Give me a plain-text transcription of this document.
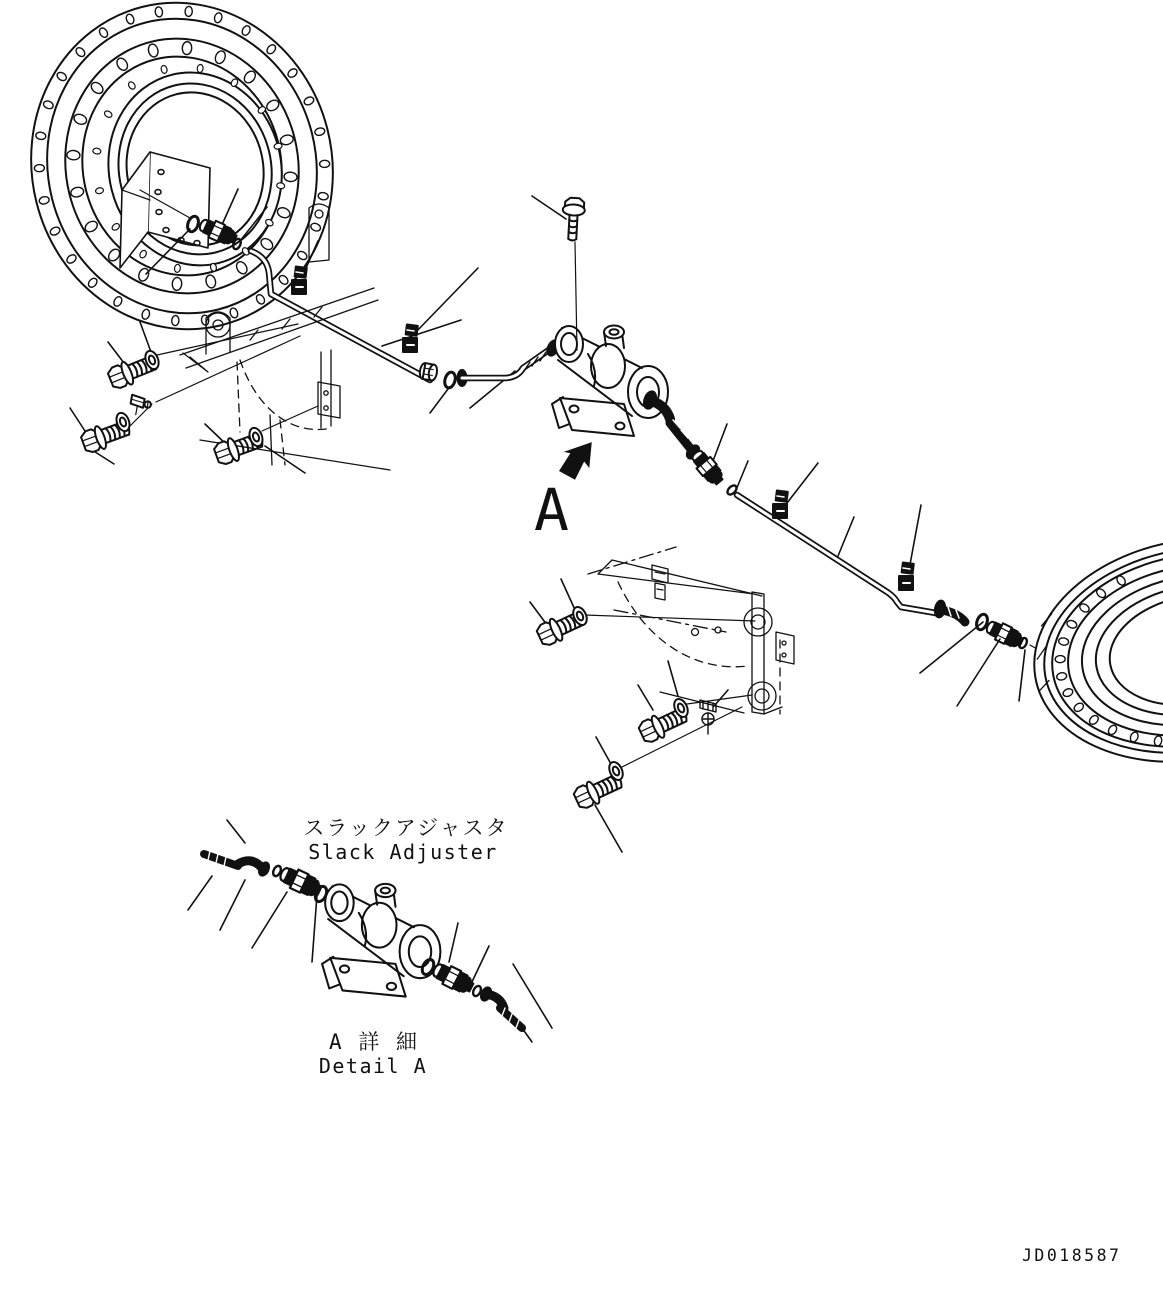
A
スラックアジャスタ
Slack Adjuster
A 詳 細
Detail A
JD018587
